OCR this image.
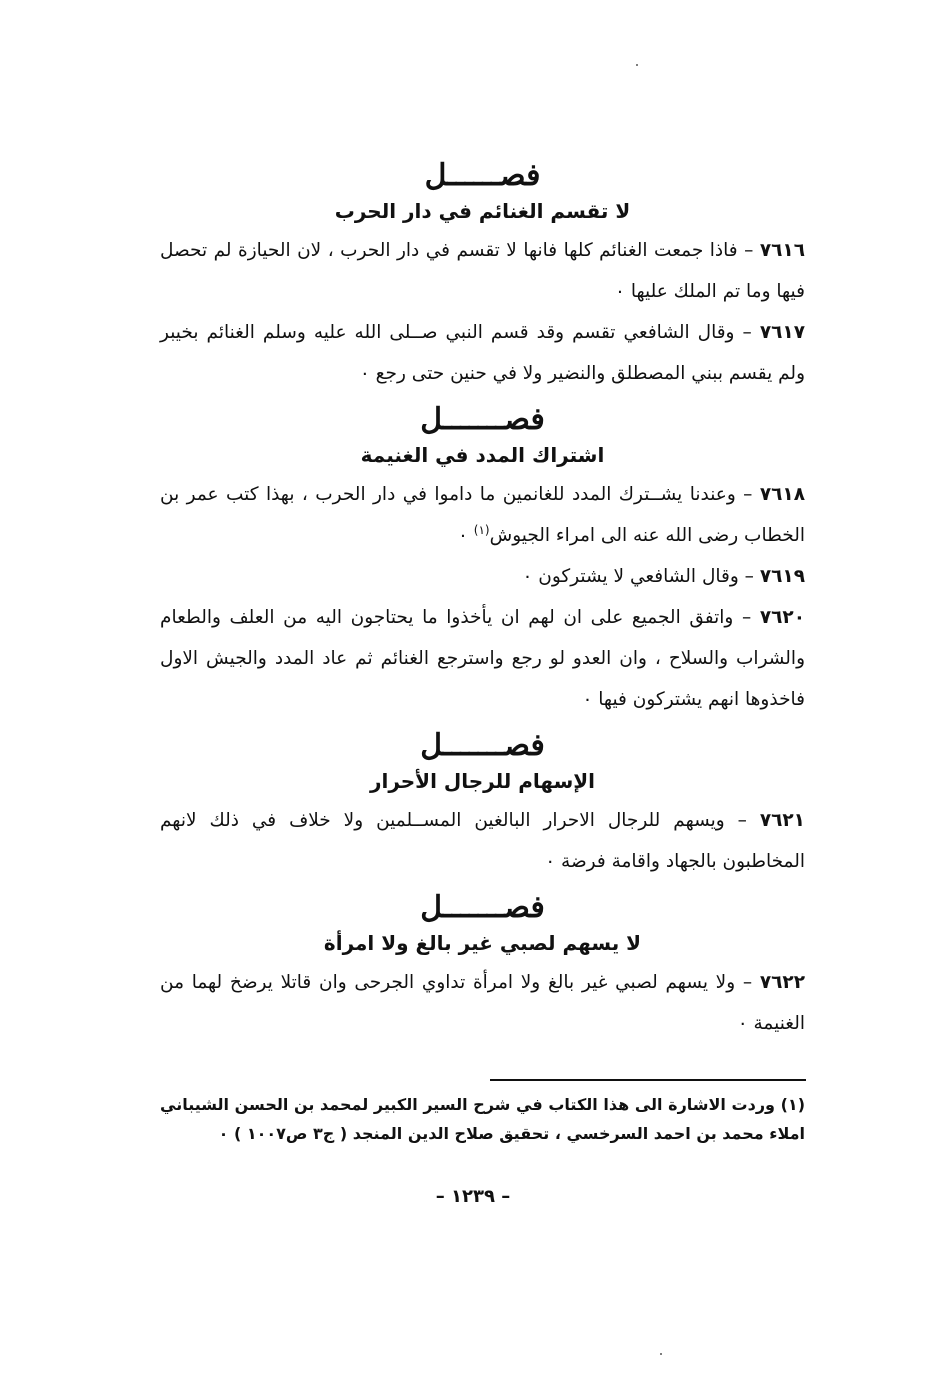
فصــــــل
لا تقسم الغنائم في دار الحرب

٧٦١٦ – فاذا جمعت الغنائم كلها فانها لا تقسم في دار الحرب ، لان الحيازة لم تحصل فيها وما تم الملك عليها ٠

٧٦١٧ – وقال الشافعي تقسم وقد قسم النبي صــلى الله عليه وسلم الغنائم بخيبر ولم يقسم ببني المصطلق والنضير ولا في حنين حتى رجع ٠

فصـــــــل
اشتراك المدد في الغنيمة

٧٦١٨ – وعندنا يشــترك المدد للغانمين ما داموا في دار الحرب ، بهذا كتب عمر بن الخطاب رضى الله عنه الى امراء الجيوش$^{(١)}$ ٠

٧٦١٩ – وقال الشافعي لا يشتركون ٠

٧٦٢٠ – واتفق الجميع على ان لهم ان يأخذوا ما يحتاجون اليه من العلف والطعام والشراب والسلاح ، وان العدو لو رجع واسترجع الغنائم ثم عاد المدد والجيش الاول فاخذوها انهم يشتركون فيها ٠

فصـــــــل
الإسهام للرجال الأحرار

٧٦٢١ – ويسهم للرجال الاحرار البالغين المســلمين ولا خلاف في ذلك لانهم المخاطبون بالجهاد واقامة فرضة ٠

فصـــــــل
لا يسهم لصبي غير بالغ ولا امرأة

٧٦٢٢ – ولا يسهم لصبي غير بالغ ولا امرأة تداوي الجرحى وان قاتلا يرضخ لهما من الغنيمة ٠

(١) وردت الاشارة الى هذا الكتاب في شرح السير الكبير لمحمد بن الحسن الشيباني املاء محمد بن احمد السرخسي ، تحقيق صلاح الدين المنجد ( ج٣ ص١٠٠٧ ) ٠
– ١٢٣٩ –
